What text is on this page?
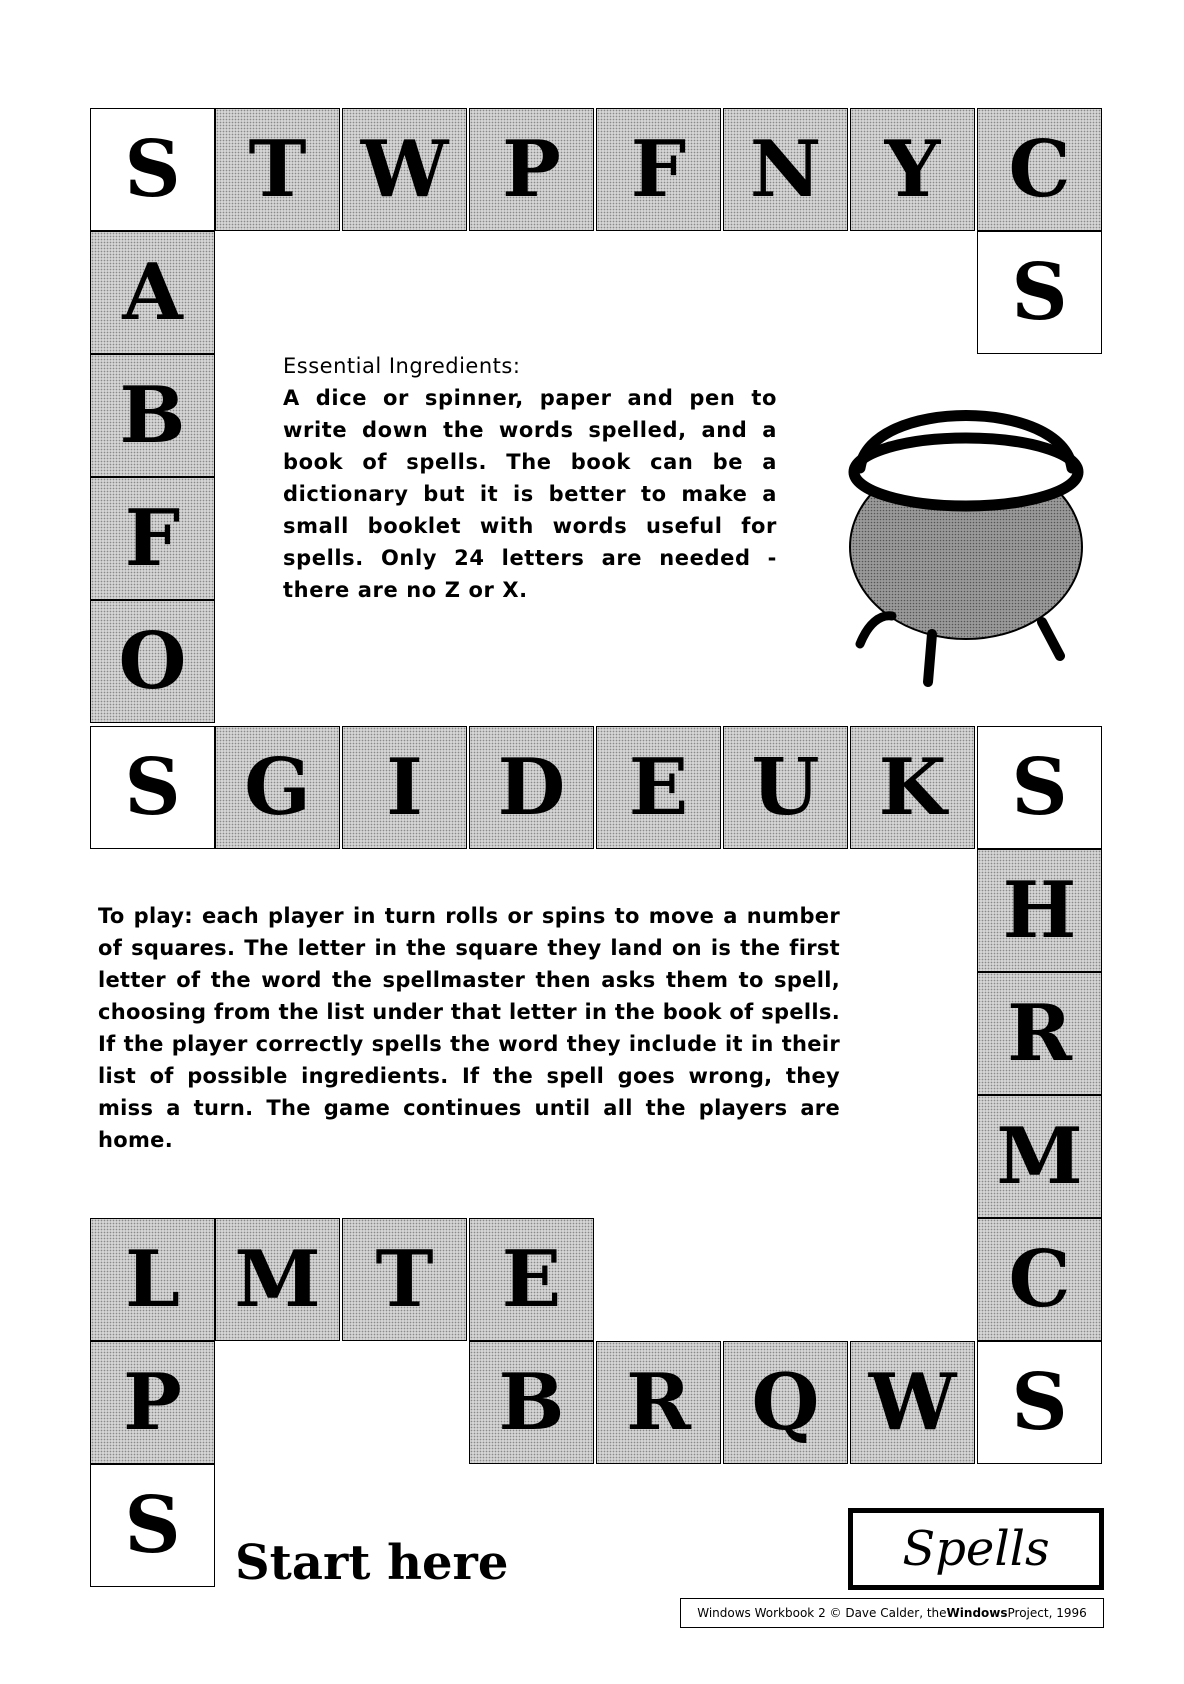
S T W P F N Y C
S
A
B
F
O
S G I D E U K S
H
R
M
C
S
W
Q
R
B
L M T E
P
S
Essential Ingredients:
A dice or spinner, paper and pen to write down the words spelled, and a book of spells. The book can be a dictionary but it is better to make a small booklet with words useful for spells. Only 24 letters are needed - there are no Z or X.
To play: each player in turn rolls or spins to move a number of squares. The letter in the square they land on is the first letter of the word the spellmaster then asks them to spell, choosing from the list under that letter in the book of spells. If the player correctly spells the word they include it in their list of possible ingredients. If the spell goes wrong, they miss a turn. The game continues until all the players are home.
Start here	Spells
Windows Workbook 2 © Dave Calder, the Windows Project, 1996
